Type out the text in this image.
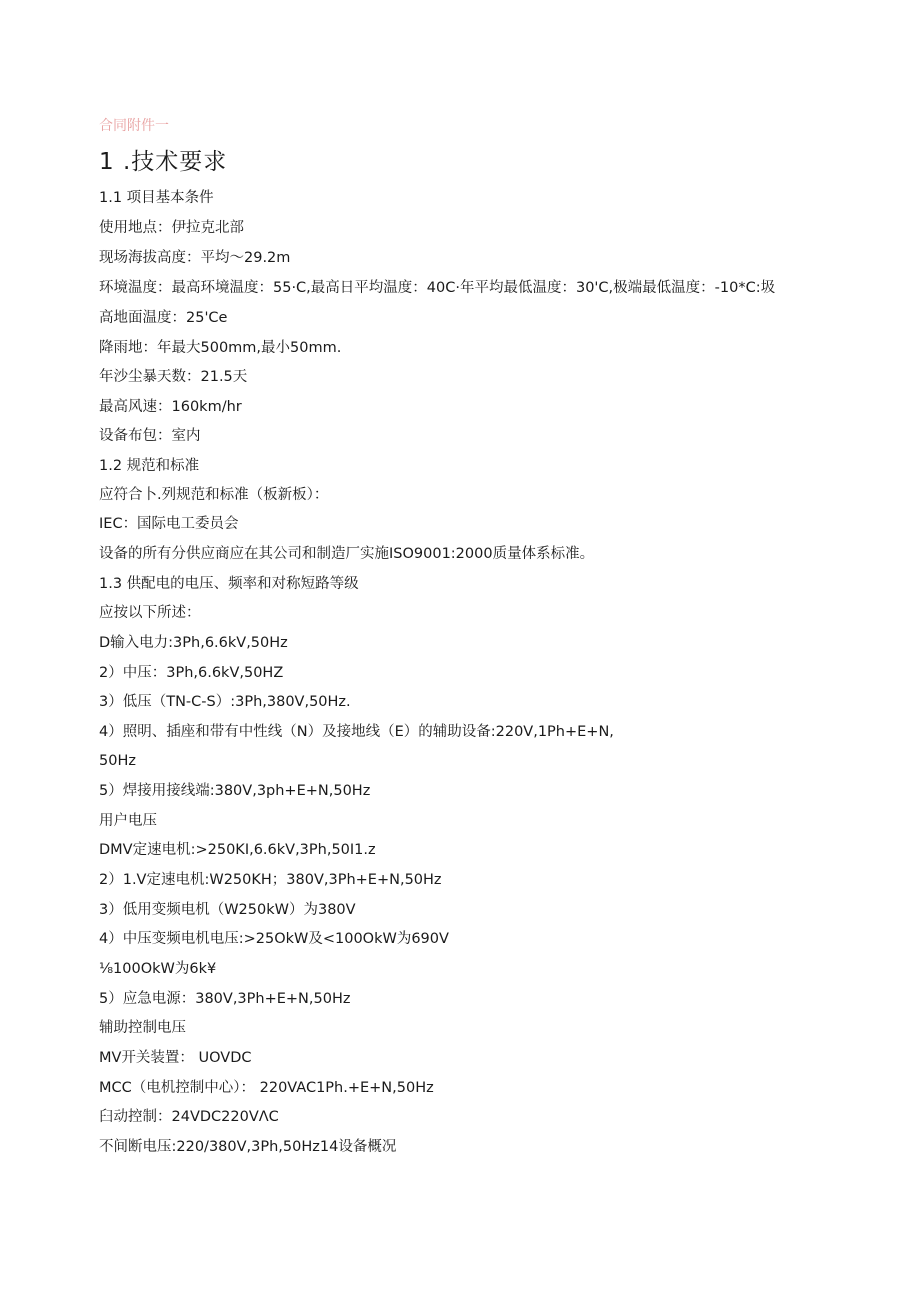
合同附件一
1 .技术要求
1.1 项目基本条件
使用地点：伊拉克北部
现场海拔高度：平均～29.2m
环境温度：最高环境温度：55·C,最高日平均温度：40C·年平均最低温度：30'C,极端最低温度：-10*C:圾
高地面温度：25'Ce
降雨地：年最大500mm,最小50mm.
年沙尘暴天数：21.5天
最高风速：160km/hr
设备布包：室内
1.2 规范和标准
应符合卜.列规范和标准（板新板）：
IEC：国际电工委员会
设备的所有分供应商应在其公司和制造厂实施ISO9001:2000质量体系标准。
1.3 供配电的电压、频率和对称短路等级
应按以下所述：
D输入电力:3Ph,6.6kV,50Hz
2）中压：3Ph,6.6kV,50HZ
3）低压（TN-C-S）:3Ph,380V,50Hz.
4）照明、插座和带有中性线（N）及接地线（E）的辅助设备:220V,1Ph+E+N,
50Hz
5）焊接用接线端:380V,3ph+E+N,50Hz
用户电压
DMV定速电机:>250KI,6.6kV,3Ph,50I1.z
2）1.V定速电机:W250KH；380V,3Ph+E+N,50Hz
3）低用变频电机（W250kW）为380V
4）中压变频电机电压:>25OkW及<100OkW为690V
⅛100OkW为6k¥
5）应急电源：380V,3Ph+E+N,50Hz
辅助控制电压
MV开关装置： UOVDC
MCC（电机控制中心）： 220VAC1Ph.+E+N,50Hz
臼动控制：24VDC220VΛC
不间断电压:220/380V,3Ph,50Hz14设备概况
